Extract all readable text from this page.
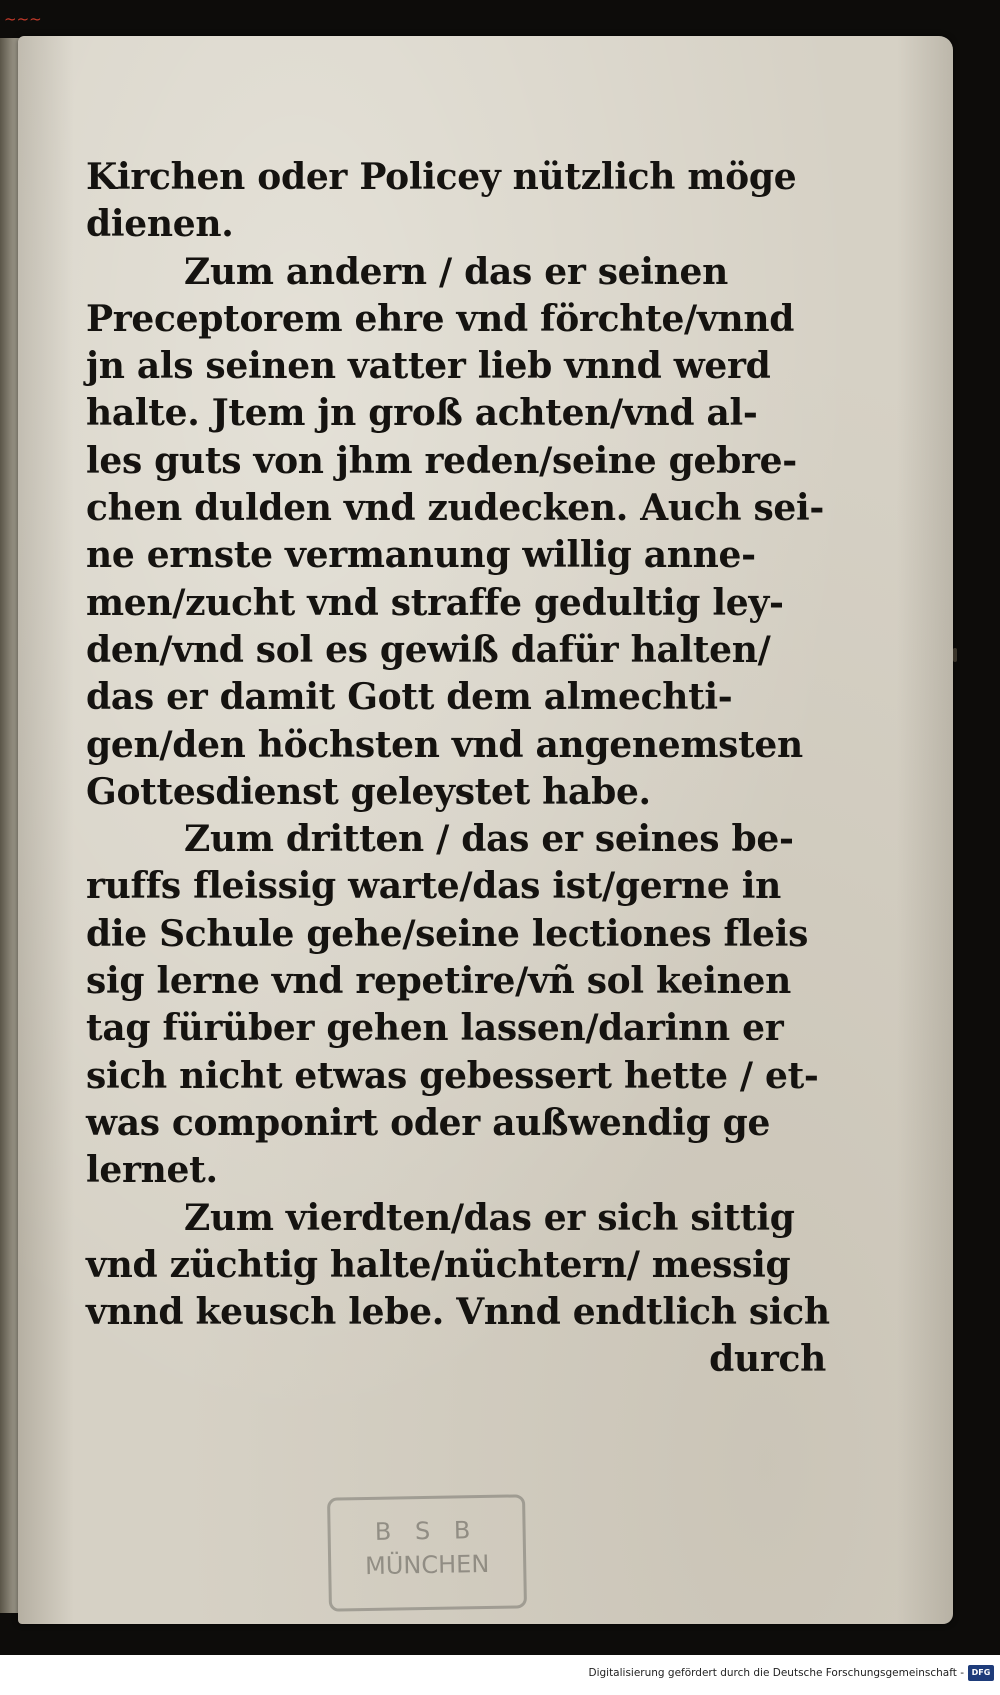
~~~
Kirchen oder Policey nützlich möge
dienen.
Zum andern / das er seinen
Preceptorem ehre vnd förchte/vnnd
jn als seinen vatter lieb vnnd werd
halte. Jtem jn groß achten/vnd al-
les guts von jhm reden/seine gebre-
chen dulden vnd zudecken. Auch sei-
ne ernste vermanung willig anne-
men/zucht vnd straffe gedultig ley-
den/vnd sol es gewiß dafür halten/
das er damit Gott dem almechti-
gen/den höchsten vnd angenemsten
Gottesdienst geleystet habe.
Zum dritten / das er seines be-
ruffs fleissig warte/das ist/gerne in
die Schule gehe/seine lectiones fleis
sig lerne vnd repetire/vñ sol keinen
tag fürüber gehen lassen/darinn er
sich nicht etwas gebessert hette / et-
was componirt oder außwendig ge
lernet.
Zum vierdten/das er sich sittig
vnd züchtig halte/nüchtern/ messig
vnnd keusch lebe. Vnnd endtlich sich
durch
B S B
MÜNCHEN
Digitalisierung gefördert durch die Deutsche Forschungsgemeinschaft - DFG
